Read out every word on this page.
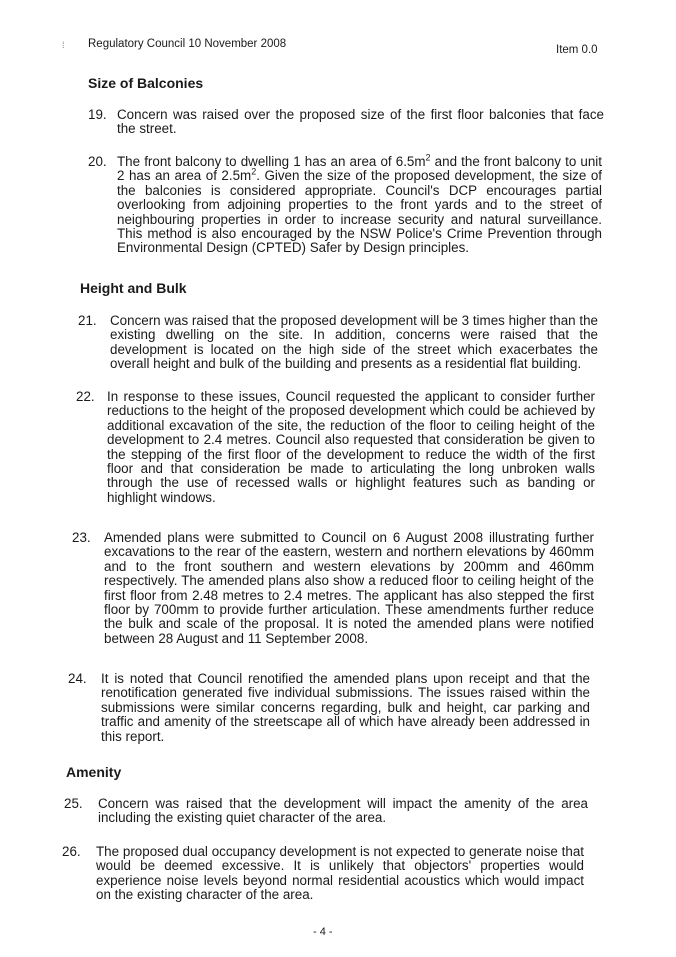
⁞ Regulatory Council 10 November 2008	Item 0.0
Size of Balconies
19. Concern was raised over the proposed size of the first floor balconies that face the street.
20. The front balcony to dwelling 1 has an area of $6.5m^2$ and the front balcony to unit 2 has an area of $2.5m^2$. Given the size of the proposed development, the size of the balconies is considered appropriate. Council's DCP encourages partial overlooking from adjoining properties to the front yards and to the street of neighbouring properties in order to increase security and natural surveillance. This method is also encouraged by the NSW Police's Crime Prevention through Environmental Design (CPTED) Safer by Design principles.
Height and Bulk
21. Concern was raised that the proposed development will be 3 times higher than the existing dwelling on the site. In addition, concerns were raised that the development is located on the high side of the street which exacerbates the overall height and bulk of the building and presents as a residential flat building.
22. In response to these issues, Council requested the applicant to consider further reductions to the height of the proposed development which could be achieved by additional excavation of the site, the reduction of the floor to ceiling height of the development to 2.4 metres. Council also requested that consideration be given to the stepping of the first floor of the development to reduce the width of the first floor and that consideration be made to articulating the long unbroken walls through the use of recessed walls or highlight features such as banding or highlight windows.
23. Amended plans were submitted to Council on 6 August 2008 illustrating further excavations to the rear of the eastern, western and northern elevations by 460mm and to the front southern and western elevations by 200mm and 460mm respectively. The amended plans also show a reduced floor to ceiling height of the first floor from 2.48 metres to 2.4 metres. The applicant has also stepped the first floor by 700mm to provide further articulation. These amendments further reduce the bulk and scale of the proposal. It is noted the amended plans were notified between 28 August and 11 September 2008.
24. It is noted that Council renotified the amended plans upon receipt and that the renotification generated five individual submissions. The issues raised within the submissions were similar concerns regarding, bulk and height, car parking and traffic and amenity of the streetscape all of which have already been addressed in this report.
Amenity
25. Concern was raised that the development will impact the amenity of the area including the existing quiet character of the area.
26. The proposed dual occupancy development is not expected to generate noise that would be deemed excessive. It is unlikely that objectors' properties would experience noise levels beyond normal residential acoustics which would impact on the existing character of the area.
- 4 -
